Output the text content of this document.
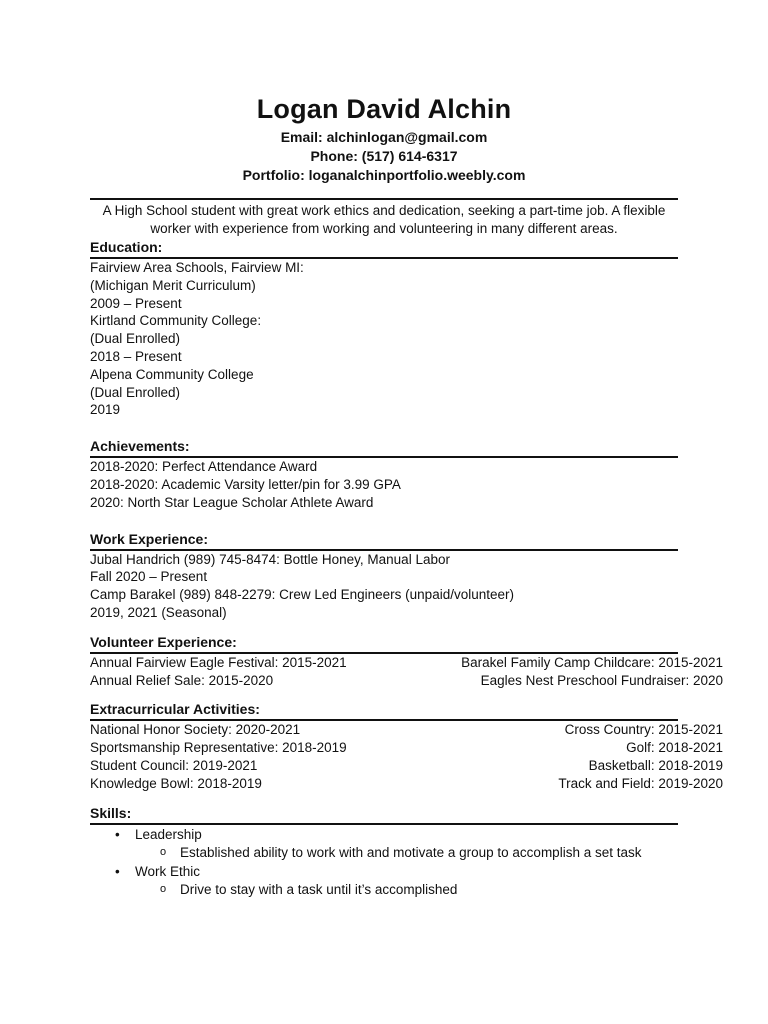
Logan David Alchin
Email: alchinlogan@gmail.com
Phone: (517) 614-6317
Portfolio: loganalchinportfolio.weebly.com
A High School student with great work ethics and dedication, seeking a part-time job. A flexible
worker with experience from working and volunteering in many different areas.
Education:
Fairview Area Schools, Fairview MI:
(Michigan Merit Curriculum)
2009 – Present
Kirtland Community College:
(Dual Enrolled)
2018 – Present
Alpena Community College
(Dual Enrolled)
2019
Achievements:
2018-2020: Perfect Attendance Award
2018-2020: Academic Varsity letter/pin for 3.99 GPA
2020: North Star League Scholar Athlete Award
Work Experience:
Jubal Handrich (989) 745-8474: Bottle Honey, Manual Labor
Fall 2020 – Present
Camp Barakel (989) 848-2279: Crew Led Engineers (unpaid/volunteer)
2019, 2021 (Seasonal)
Volunteer Experience:
Annual Fairview Eagle Festival: 2015-2021	Barakel Family Camp Childcare: 2015-2021
Annual Relief Sale: 2015-2020	Eagles Nest Preschool Fundraiser: 2020
Extracurricular Activities:
National Honor Society: 2020-2021	Cross Country: 2015-2021
Sportsmanship Representative: 2018-2019	Golf: 2018-2021
Student Council: 2019-2021	Basketball: 2018-2019
Knowledge Bowl: 2018-2019	Track and Field: 2019-2020
Skills:
• Leadership
o Established ability to work with and motivate a group to accomplish a set task
• Work Ethic
o Drive to stay with a task until it’s accomplished
